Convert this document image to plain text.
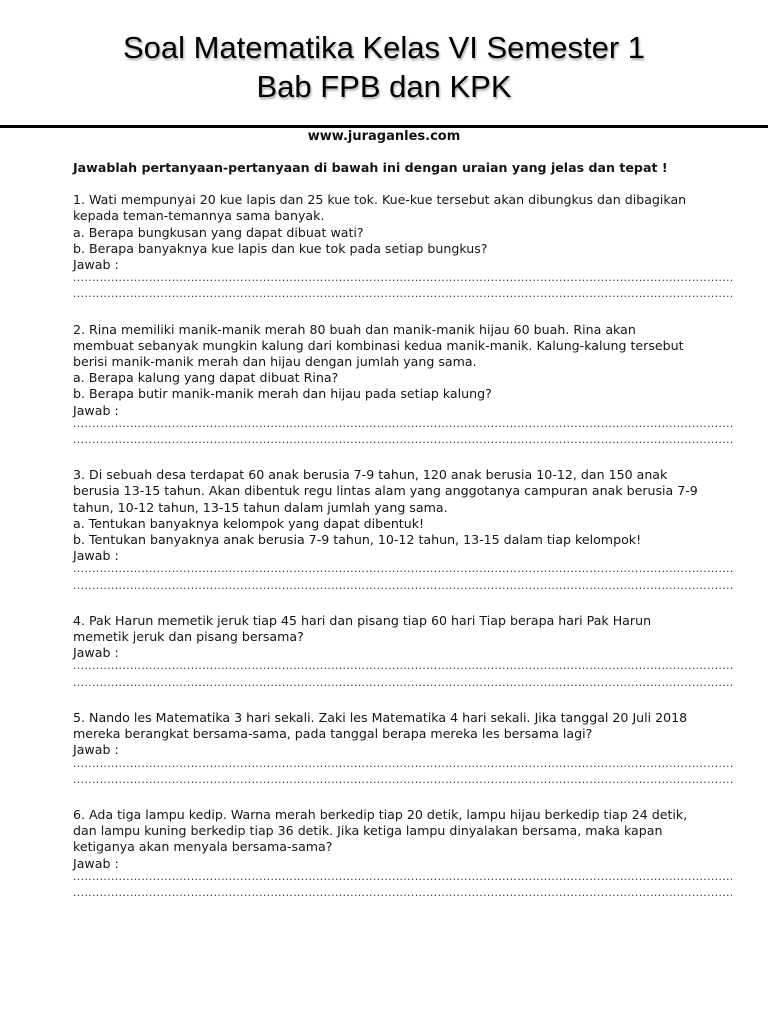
Soal Matematika Kelas VI Semester 1
Bab FPB dan KPK
www.juraganles.com

Jawablah pertanyaan-pertanyaan di bawah ini dengan uraian yang jelas dan tepat !

1. Wati mempunyai 20 kue lapis dan 25 kue tok. Kue-kue tersebut akan dibungkus dan dibagikan kepada teman-temannya sama banyak.

a. Berapa bungkusan yang dapat dibuat wati?

b. Berapa banyaknya kue lapis dan kue tok pada setiap bungkus?

Jawab :

··············································································································································································
··············································································································································································

2. Rina memiliki manik-manik merah 80 buah dan manik-manik hijau 60 buah. Rina akan membuat sebanyak mungkin kalung dari kombinasi kedua manik-manik. Kalung-kalung tersebut berisi manik-manik merah dan hijau dengan jumlah yang sama.

a. Berapa kalung yang dapat dibuat Rina?

b. Berapa butir manik-manik merah dan hijau pada setiap kalung?

Jawab :

··············································································································································································
··············································································································································································

3. Di sebuah desa terdapat 60 anak berusia 7-9 tahun, 120 anak berusia 10-12, dan 150 anak berusia 13-15 tahun. Akan dibentuk regu lintas alam yang anggotanya campuran anak berusia 7-9 tahun, 10-12 tahun, 13-15 tahun dalam jumlah yang sama.

a. Tentukan banyaknya kelompok yang dapat dibentuk!

b. Tentukan banyaknya anak berusia 7-9 tahun, 10-12 tahun, 13-15 dalam tiap kelompok!

Jawab :

··············································································································································································
··············································································································································································

4. Pak Harun memetik jeruk tiap 45 hari dan pisang tiap 60 hari Tiap berapa hari Pak Harun memetik jeruk dan pisang bersama?

Jawab :

··············································································································································································
··············································································································································································

5. Nando les Matematika 3 hari sekali. Zaki les Matematika 4 hari sekali. Jika tanggal 20 Juli 2018 mereka berangkat bersama-sama, pada tanggal berapa mereka les bersama lagi?

Jawab :

··············································································································································································
··············································································································································································

6. Ada tiga lampu kedip. Warna merah berkedip tiap 20 detik, lampu hijau berkedip tiap 24 detik, dan lampu kuning berkedip tiap 36 detik. Jika ketiga lampu dinyalakan bersama, maka kapan ketiganya akan menyala bersama-sama?

Jawab :

··············································································································································································
··············································································································································································
